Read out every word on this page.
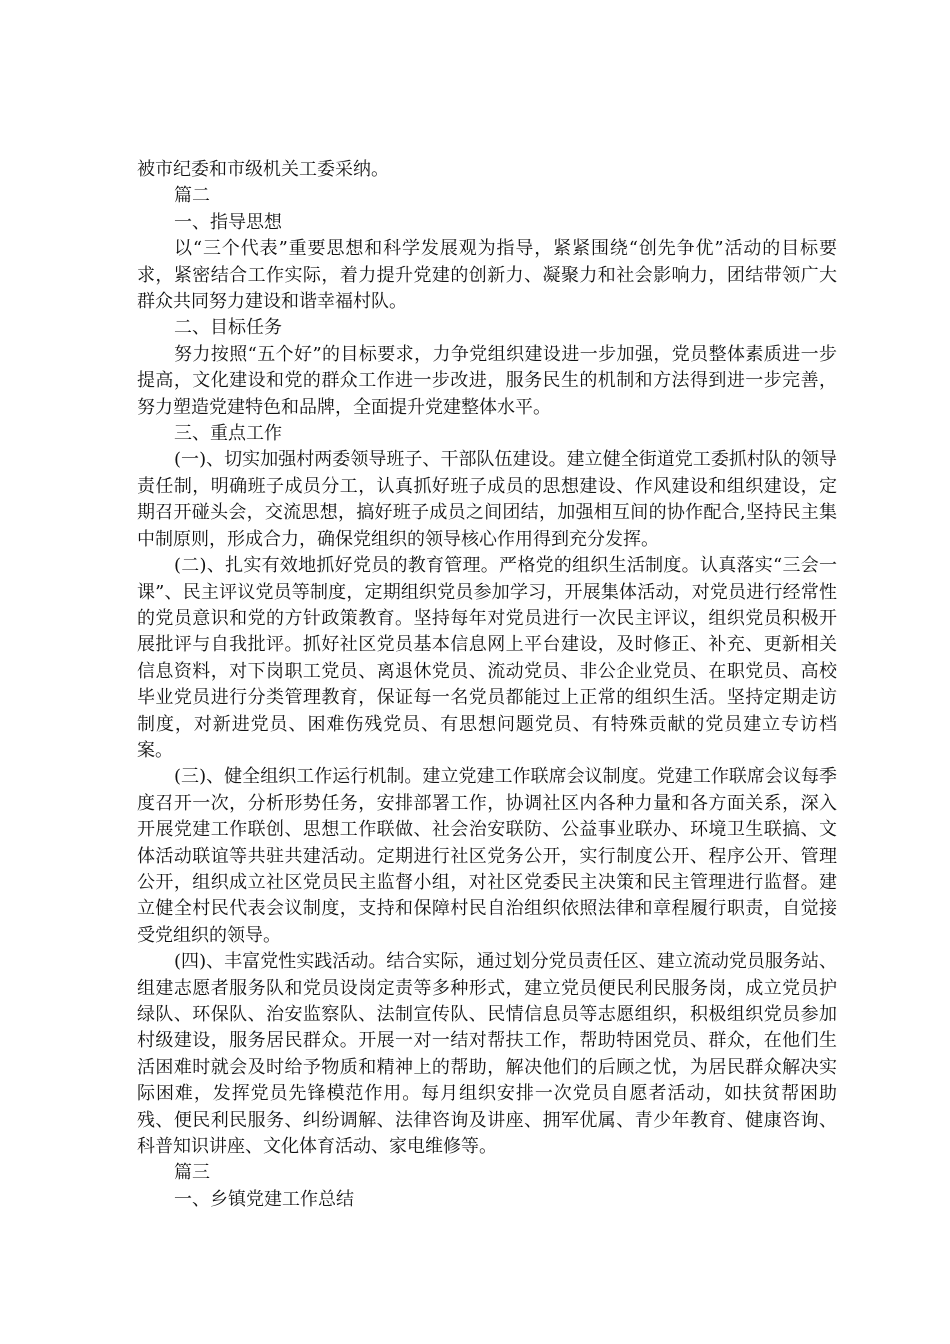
被市纪委和市级机关工委采纳。

篇二

一、指导思想

以“三个代表”重要思想和科学发展观为指导，紧紧围绕“创先争优”活动的目标要求，紧密结合工作实际，着力提升党建的创新力、凝聚力和社会影响力，团结带领广大群众共同努力建设和谐幸福村队。

二、目标任务

努力按照“五个好”的目标要求，力争党组织建设进一步加强，党员整体素质进一步提高，文化建设和党的群众工作进一步改进，服务民生的机制和方法得到进一步完善，努力塑造党建特色和品牌，全面提升党建整体水平。

三、重点工作

(一)、切实加强村两委领导班子、干部队伍建设。建立健全街道党工委抓村队的领导责任制，明确班子成员分工，认真抓好班子成员的思想建设、作风建设和组织建设，定期召开碰头会，交流思想，搞好班子成员之间团结，加强相互间的协作配合,坚持民主集中制原则，形成合力，确保党组织的领导核心作用得到充分发挥。

(二)、扎实有效地抓好党员的教育管理。严格党的组织生活制度。认真落实“三会一课”、民主评议党员等制度，定期组织党员参加学习，开展集体活动，对党员进行经常性的党员意识和党的方针政策教育。坚持每年对党员进行一次民主评议，组织党员积极开展批评与自我批评。抓好社区党员基本信息网上平台建设，及时修正、补充、更新相关信息资料，对下岗职工党员、离退休党员、流动党员、非公企业党员、在职党员、高校毕业党员进行分类管理教育，保证每一名党员都能过上正常的组织生活。坚持定期走访制度，对新进党员、困难伤残党员、有思想问题党员、有特殊贡献的党员建立专访档案。

(三)、健全组织工作运行机制。建立党建工作联席会议制度。党建工作联席会议每季度召开一次，分析形势任务，安排部署工作，协调社区内各种力量和各方面关系，深入开展党建工作联创、思想工作联做、社会治安联防、公益事业联办、环境卫生联搞、文体活动联谊等共驻共建活动。定期进行社区党务公开，实行制度公开、程序公开、管理公开，组织成立社区党员民主监督小组，对社区党委民主决策和民主管理进行监督。建立健全村民代表会议制度，支持和保障村民自治组织依照法律和章程履行职责，自觉接受党组织的领导。

(四)、丰富党性实践活动。结合实际，通过划分党员责任区、建立流动党员服务站、组建志愿者服务队和党员设岗定责等多种形式，建立党员便民利民服务岗，成立党员护绿队、环保队、治安监察队、法制宣传队、民情信息员等志愿组织，积极组织党员参加村级建设，服务居民群众。开展一对一结对帮扶工作，帮助特困党员、群众，在他们生活困难时就会及时给予物质和精神上的帮助，解决他们的后顾之忧，为居民群众解决实际困难，发挥党员先锋模范作用。每月组织安排一次党员自愿者活动，如扶贫帮困助残、便民利民服务、纠纷调解、法律咨询及讲座、拥军优属、青少年教育、健康咨询、科普知识讲座、文化体育活动、家电维修等。

篇三

一、乡镇党建工作总结
